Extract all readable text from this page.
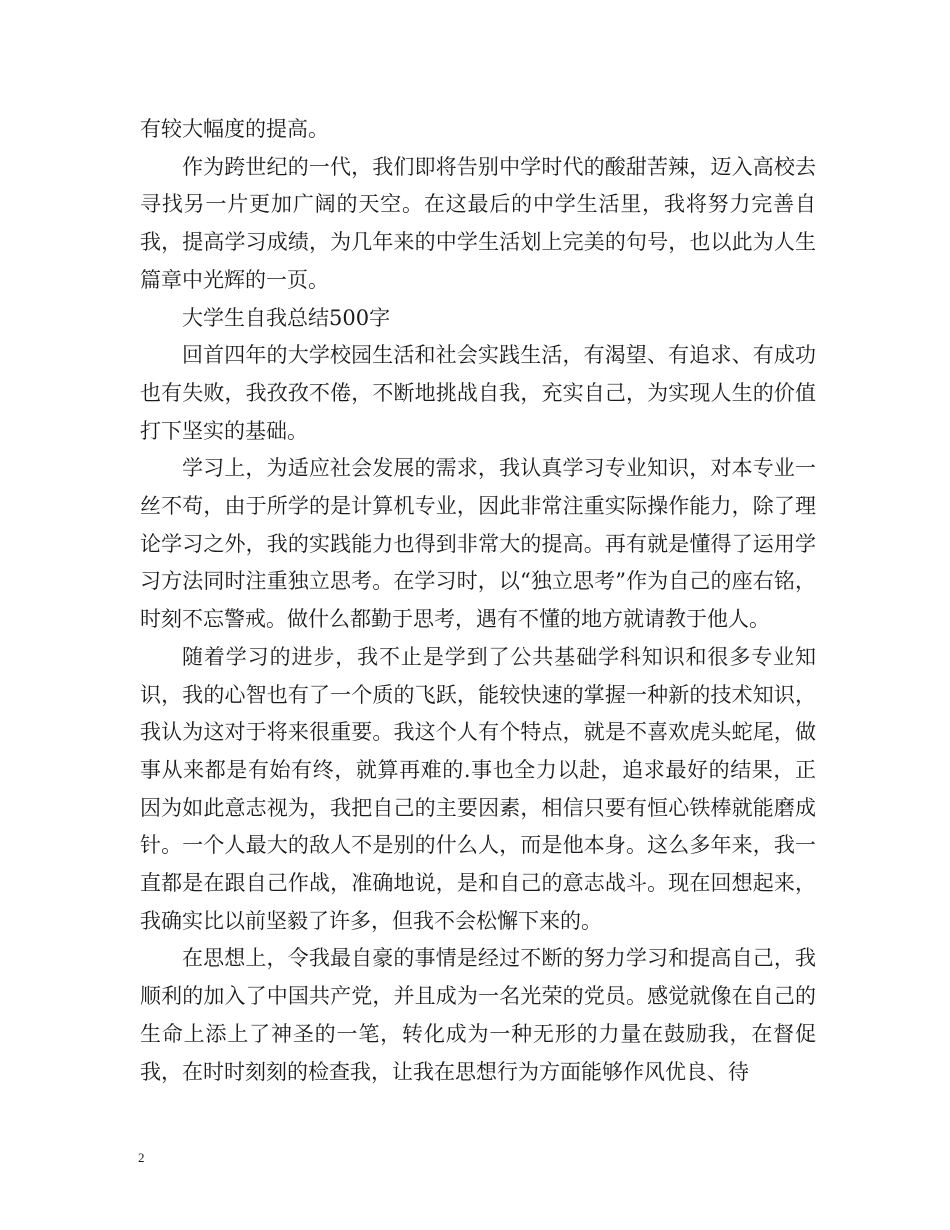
有较大幅度的提高。

作为跨世纪的一代，我们即将告别中学时代的酸甜苦辣，迈入高校去寻找另一片更加广阔的天空。在这最后的中学生活里，我将努力完善自我，提高学习成绩，为几年来的中学生活划上完美的句号，也以此为人生篇章中光辉的一页。

大学生自我总结500字

回首四年的大学校园生活和社会实践生活，有渴望、有追求、有成功也有失败，我孜孜不倦，不断地挑战自我，充实自己，为实现人生的价值打下坚实的基础。

学习上，为适应社会发展的需求，我认真学习专业知识，对本专业一丝不苟，由于所学的是计算机专业，因此非常注重实际操作能力，除了理论学习之外，我的实践能力也得到非常大的提高。再有就是懂得了运用学习方法同时注重独立思考。在学习时，以“独立思考”作为自己的座右铭，时刻不忘警戒。做什么都勤于思考，遇有不懂的地方就请教于他人。

随着学习的进步，我不止是学到了公共基础学科知识和很多专业知识，我的心智也有了一个质的飞跃，能较快速的掌握一种新的技术知识，我认为这对于将来很重要。我这个人有个特点，就是不喜欢虎头蛇尾，做事从来都是有始有终，就算再难的.事也全力以赴，追求最好的结果，正因为如此意志视为，我把自己的主要因素，相信只要有恒心铁棒就能磨成针。一个人最大的敌人不是别的什么人，而是他本身。这么多年来，我一直都是在跟自己作战，准确地说，是和自己的意志战斗。现在回想起来，我确实比以前坚毅了许多，但我不会松懈下来的。

在思想上，令我最自豪的事情是经过不断的努力学习和提高自己，我顺利的加入了中国共产党，并且成为一名光荣的党员。感觉就像在自己的生命上添上了神圣的一笔，转化成为一种无形的力量在鼓励我，在督促我，在时时刻刻的检查我，让我在思想行为方面能够作风优良、待

2
